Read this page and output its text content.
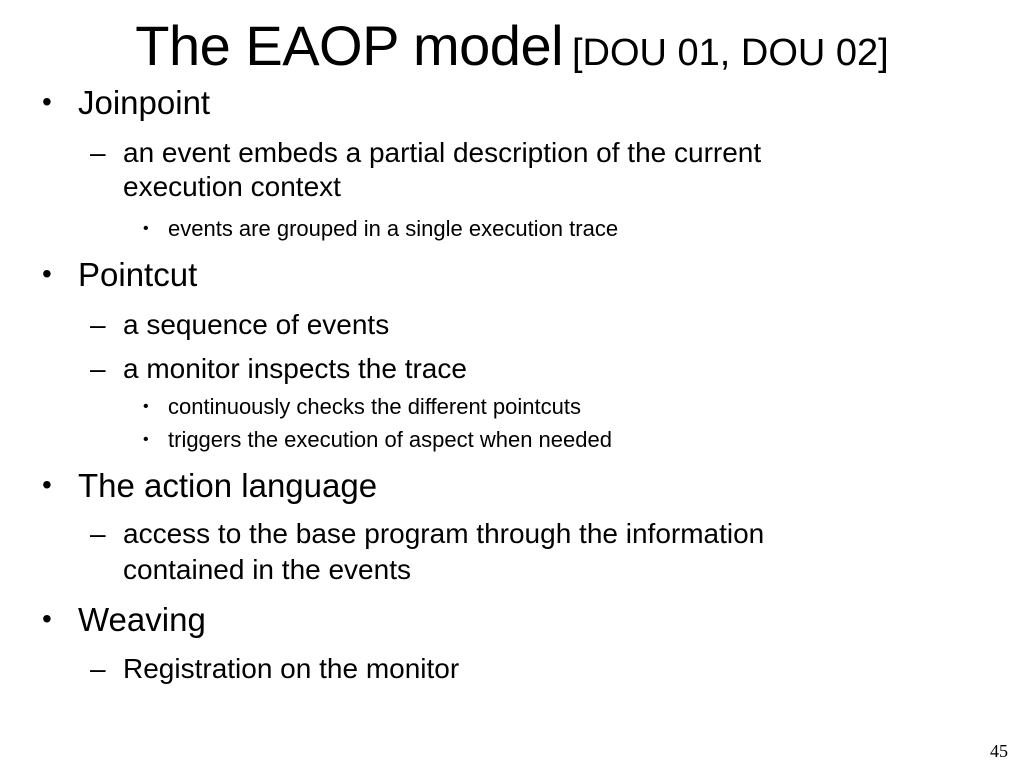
The EAOP model [DOU 01, DOU 02]
• Joinpoint
– an event embeds a partial description of the current
execution context
• events are grouped in a single execution trace
• Pointcut
– a sequence of events
– a monitor inspects the trace
• continuously checks the different pointcuts
• triggers the execution of aspect when needed
• The action language
– access to the base program through the information
contained in the events
• Weaving
– Registration on the monitor
45
